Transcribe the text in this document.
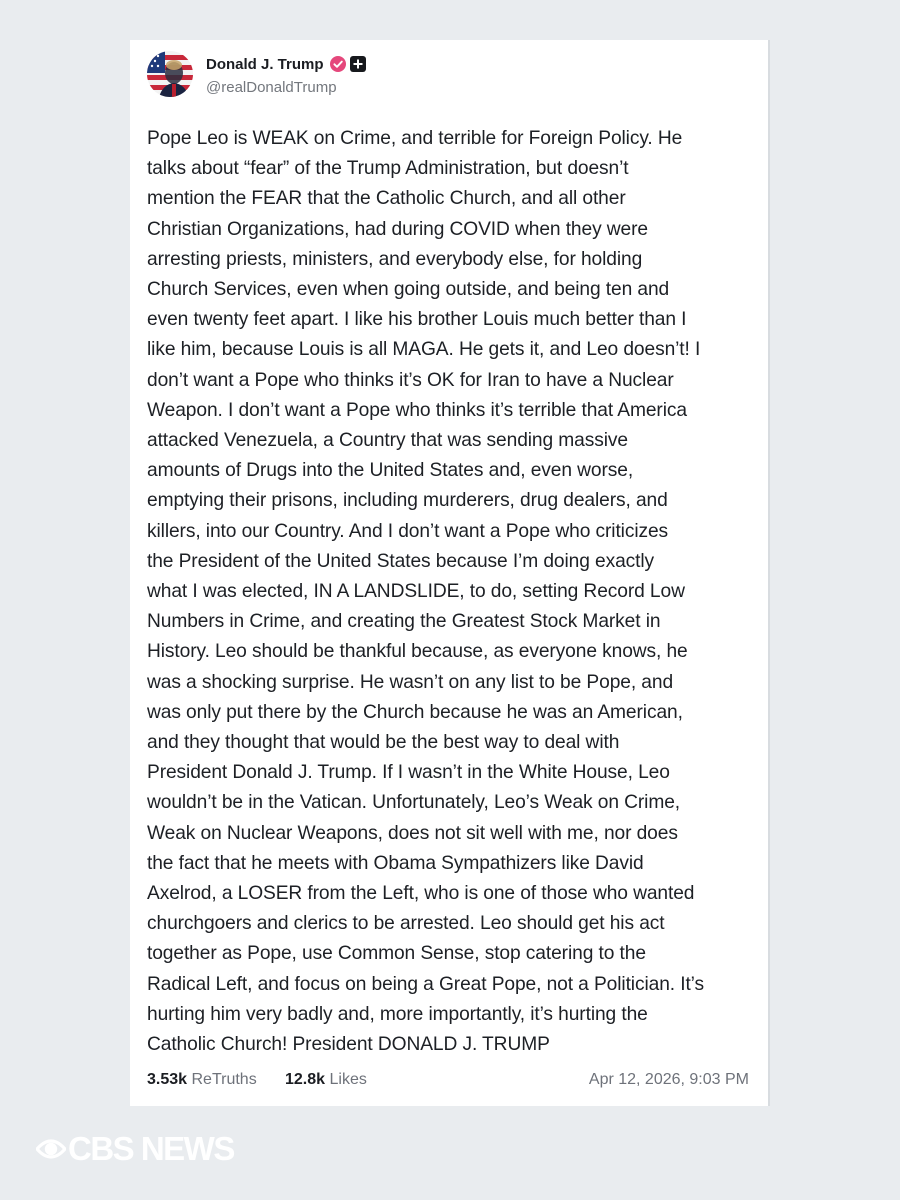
Donald J. Trump
@realDonaldTrump
Pope Leo is WEAK on Crime, and terrible for Foreign Policy. He
talks about “fear” of the Trump Administration, but doesn’t
mention the FEAR that the Catholic Church, and all other
Christian Organizations, had during COVID when they were
arresting priests, ministers, and everybody else, for holding
Church Services, even when going outside, and being ten and
even twenty feet apart. I like his brother Louis much better than I
like him, because Louis is all MAGA. He gets it, and Leo doesn’t! I
don’t want a Pope who thinks it’s OK for Iran to have a Nuclear
Weapon. I don’t want a Pope who thinks it’s terrible that America
attacked Venezuela, a Country that was sending massive
amounts of Drugs into the United States and, even worse,
emptying their prisons, including murderers, drug dealers, and
killers, into our Country. And I don’t want a Pope who criticizes
the President of the United States because I’m doing exactly
what I was elected, IN A LANDSLIDE, to do, setting Record Low
Numbers in Crime, and creating the Greatest Stock Market in
History. Leo should be thankful because, as everyone knows, he
was a shocking surprise. He wasn’t on any list to be Pope, and
was only put there by the Church because he was an American,
and they thought that would be the best way to deal with
President Donald J. Trump. If I wasn’t in the White House, Leo
wouldn’t be in the Vatican. Unfortunately, Leo’s Weak on Crime,
Weak on Nuclear Weapons, does not sit well with me, nor does
the fact that he meets with Obama Sympathizers like David
Axelrod, a LOSER from the Left, who is one of those who wanted
churchgoers and clerics to be arrested. Leo should get his act
together as Pope, use Common Sense, stop catering to the
Radical Left, and focus on being a Great Pope, not a Politician. It’s
hurting him very badly and, more importantly, it’s hurting the
Catholic Church! President DONALD J. TRUMP
3.53k ReTruths 12.8k Likes	Apr 12, 2026, 9:03 PM
CBS NEWS
